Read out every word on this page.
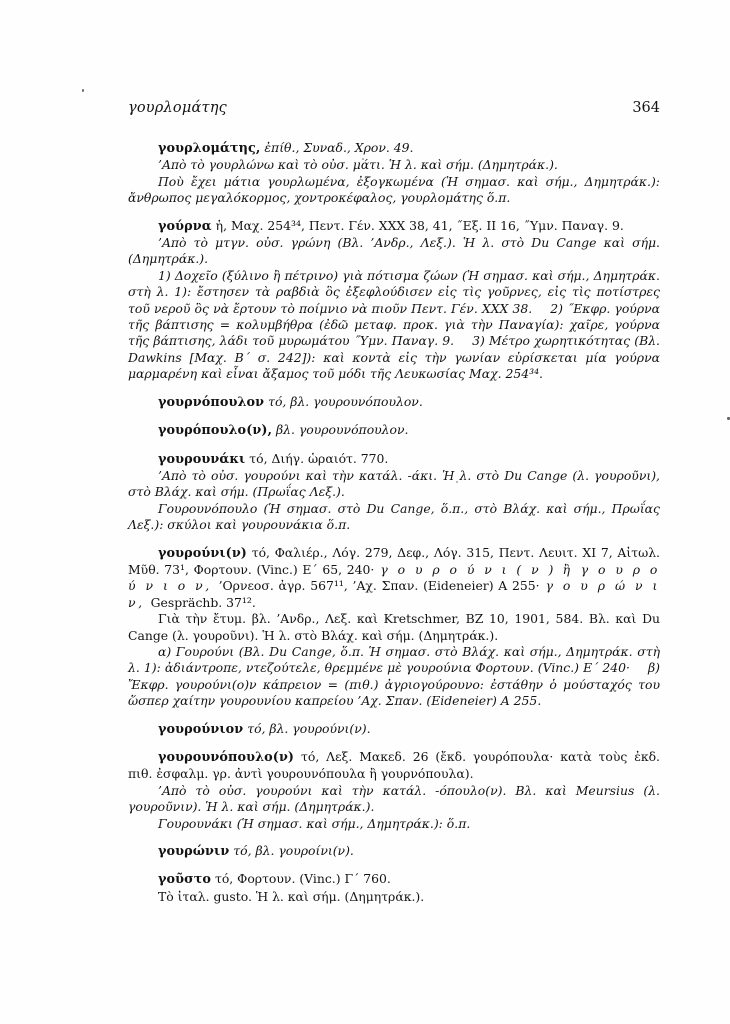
γουρλομάτης	364

γουρλομάτης, ἐπίθ., Συναδ., Χρον. 49.

’Απὸ τὸ γουρλώνω καὶ τὸ οὐσ. μάτι. Ἡ λ. καὶ σήμ. (Δημητράκ.).

Ποὺ ἔχει μάτια γουρλωμένα, ἐξογκωμένα (Ἡ σημασ. καὶ σήμ., Δημητράκ.): ἄνθρωπος μεγαλόκορμος, χοντροκέφαλος, γουρλομάτης ὅ.π.

γούρνα ἡ, Μαχ. 254³⁴, Πεντ. Γέν. XXX 38, 41, ˝Εξ. ΙΙ 16, ˝Υμν. Παναγ. 9.

’Απὸ τὸ μτγν. οὐσ. γρώνη (Βλ. ’Ανδρ., Λεξ.). Ἡ λ. στὸ Du Cange καὶ σήμ. (Δημητράκ.).

1) Δοχεῖο (ξύλινο ἢ πέτρινο) γιὰ πότισμα ζώων (Ἡ σημασ. καὶ σήμ., Δημητράκ. στὴ λ. 1): ἔστησεν τὰ ραβδιὰ ὃς ἐξεφλούδισεν εἰς τὶς γοῦρνες, εἰς τὶς ποτίστρες τοῦ νεροῦ ὃς νὰ ἔρτουν τὸ ποίμνιο νὰ πιοῦν Πεντ. Γέν. XXX 38. 2) ˝Εκφρ. γούρνα τῆς βάπτισης = κολυμβήθρα (ἐδῶ μεταφ. προκ. γιὰ τὴν Παναγία): χαῖρε, γούρνα τῆς βάπτισης, λάδι τοῦ μυρωμάτου ˝Υμν. Παναγ. 9. 3) Μέτρο χωρητικότητας (Βλ. Dawkins [Μαχ. Β΄ σ. 242]): καὶ κοντὰ εἰς τὴν γωνίαν εὑρίσκεται μία γούρνα μαρμαρένη καὶ εἶναι ἄξαμος τοῦ μόδι τῆς Λευκωσίας Μαχ. 254³⁴.

γουρνόπουλον τό, βλ. γουρουνόπουλον.

γουρόπουλο(ν), βλ. γουρουνόπουλον.

γουρουνάκι τό, Διήγ. ὡραιότ. 770.

’Απὸ τὸ οὐσ. γουρούνι καὶ τὴν κατάλ. -άκι. Ἡ λ. στὸ Du Cange (λ. γουροῦνι), στὸ Βλάχ. καὶ σήμ. (Πρωΐας Λεξ.).

Γουρουνόπουλο (Ἡ σημασ. στὸ Du Cange, ὅ.π., στὸ Βλάχ. καὶ σήμ., Πρωΐας Λεξ.): σκύλοι καὶ γουρουνάκια ὅ.π.

γουρούνι(ν) τό, Φαλιέρ., Λόγ. 279, Δεφ., Λόγ. 315, Πεντ. Λευιτ. XI 7, Αἰτωλ. Μῦθ. 73¹, Φορτουν. (Vinc.) Ε΄ 65, 240· γ ο υ ρ ο ύ ν ι ( ν ) ἢ γ ο υ ρ ο ύ ν ι ο ν, ’Ορνεοσ. ἀγρ. 567¹¹, ’Αχ. Σπαν. (Eideneier) Α 255· γ ο υ ρ ώ ν ι ν, Gesprächb. 37¹².

Γιὰ τὴν ἔτυμ. βλ. ’Ανδρ., Λεξ. καὶ Kretschmer, BZ 10, 1901, 584. Βλ. καὶ Du Cange (λ. γουροῦνι). Ἡ λ. στὸ Βλάχ. καὶ σήμ. (Δημητράκ.).

α) Γουρούνι (Βλ. Du Cange, ὅ.π. Ἡ σημασ. στὸ Βλάχ. καὶ σήμ., Δημητράκ. στὴ λ. 1): ἀδιάντροπε, ντεζούτελε, θρεμμένε μὲ γουρούνια Φορτουν. (Vinc.) Ε΄ 240· β) Ἔκφρ. γουρούνι(ο)ν κάπρειον = (πιθ.) ἀγριογούρουνο: ἐστάθην ὁ μούσταχός του ὥσπερ χαίτην γουρουνίου καπρείου ’Αχ. Σπαν. (Eideneier) Α 255.

γουρούνιον τό, βλ. γουρούνι(ν).

γουρουνόπουλο(ν) τό, Λεξ. Μακεδ. 26 (ἔκδ. γουρόπουλα· κατὰ τοὺς ἐκδ. πιθ. ἐσφαλμ. γρ. ἀντὶ γουρουνόπουλα ἢ γουρνόπουλα).

’Απὸ τὸ οὐσ. γουρούνι καὶ τὴν κατάλ. -όπουλο(ν). Βλ. καὶ Meursius (λ. γουροῦνιν). Ἡ λ. καὶ σήμ. (Δημητράκ.).

Γουρουνάκι (Ἡ σημασ. καὶ σήμ., Δημητράκ.): ὅ.π.

γουρώνιν τό, βλ. γουροίνι(ν).

γοῦστο τό, Φορτουν. (Vinc.) Γ΄ 760.

Τὸ ἰταλ. gusto. Ἡ λ. καὶ σήμ. (Δημητράκ.).
